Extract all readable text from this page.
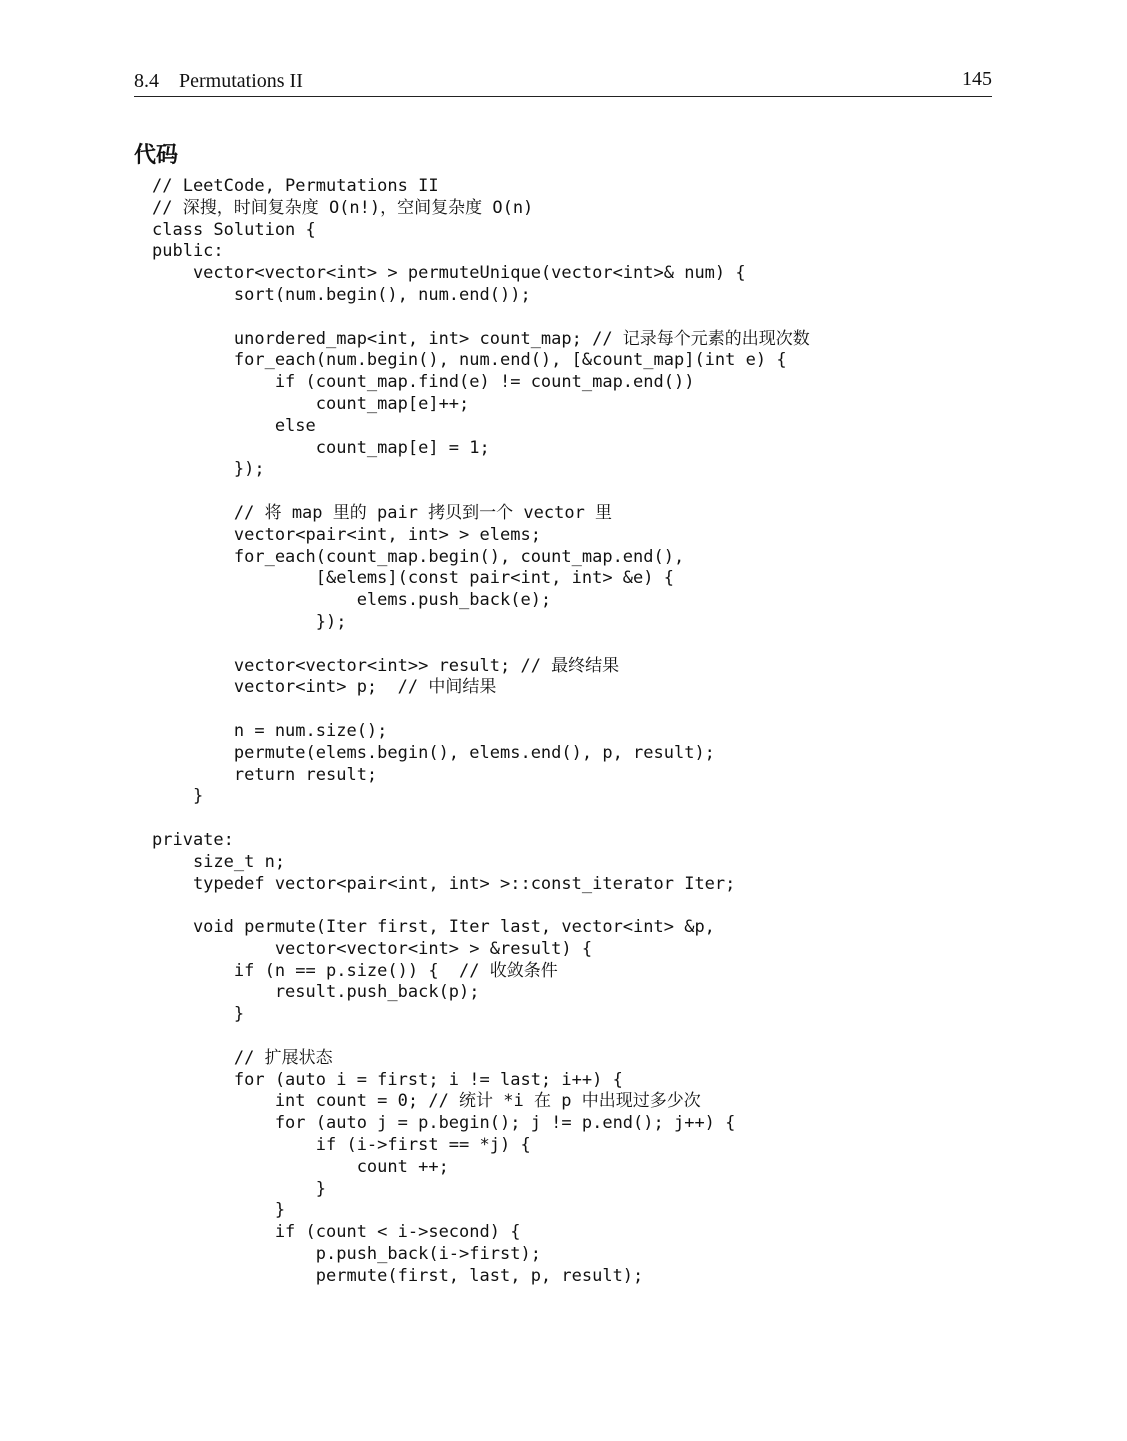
8.4 Permutations II	145
代码
// LeetCode, Permutations II
// 深搜，时间复杂度 O(n!)，空间复杂度 O(n)
class Solution {
public:
vector<vector<int> > permuteUnique(vector<int>& num) {
sort(num.begin(), num.end());
unordered_map<int, int> count_map; // 记录每个元素的出现次数
for_each(num.begin(), num.end(), [&count_map](int e) {
if (count_map.find(e) != count_map.end())
count_map[e]++;
else
count_map[e] = 1;
});
// 将 map 里的 pair 拷贝到一个 vector 里
vector<pair<int, int> > elems;
for_each(count_map.begin(), count_map.end(),
[&elems](const pair<int, int> &e) {
elems.push_back(e);
});
vector<vector<int>> result; // 最终结果
vector<int> p;  // 中间结果
n = num.size();
permute(elems.begin(), elems.end(), p, result);
return result;
}
private:
size_t n;
typedef vector<pair<int, int> >::const_iterator Iter;
void permute(Iter first, Iter last, vector<int> &p,
vector<vector<int> > &result) {
if (n == p.size()) {  // 收敛条件
result.push_back(p);
}
// 扩展状态
for (auto i = first; i != last; i++) {
int count = 0; // 统计 *i 在 p 中出现过多少次
for (auto j = p.begin(); j != p.end(); j++) {
if (i->first == *j) {
count ++;
}
}
if (count < i->second) {
p.push_back(i->first);
permute(first, last, p, result);
